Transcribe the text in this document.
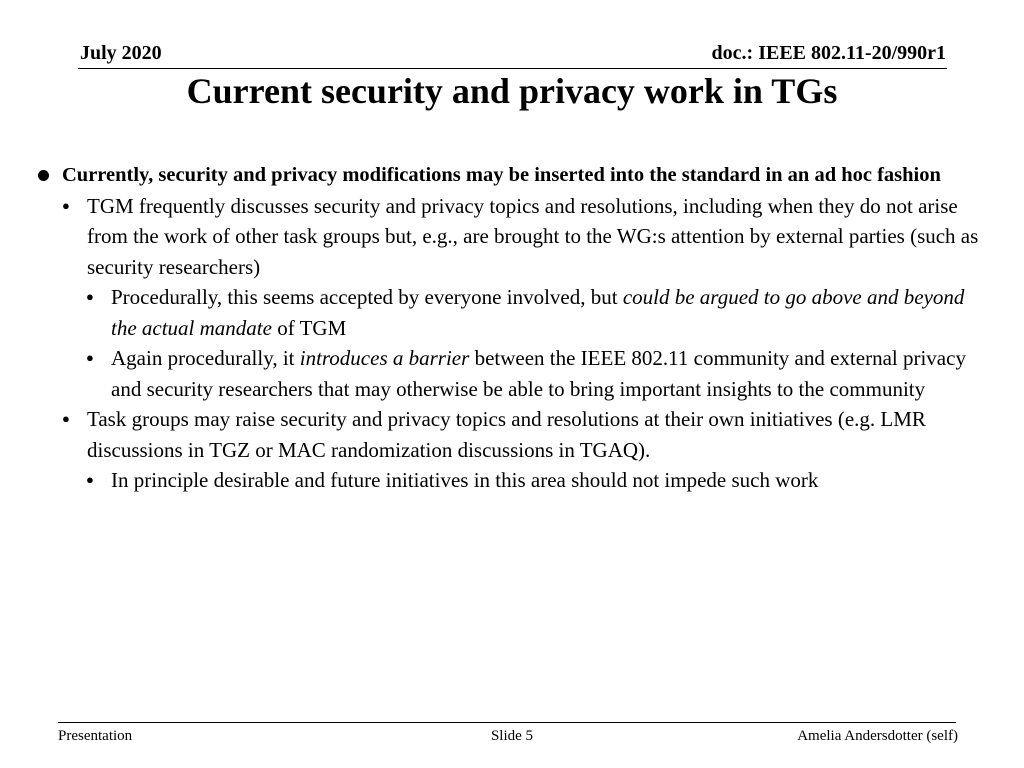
July 2020	doc.: IEEE 802.11-20/990r1
Current security and privacy work in TGs
Currently, security and privacy modifications may be inserted into the standard in an ad hoc fashion
● TGM frequently discusses security and privacy topics and resolutions, including when they do not arise from the work of other task groups but, e.g., are brought to the WG:s attention by external parties (such as security researchers)
● Procedurally, this seems accepted by everyone involved, but could be argued to go above and beyond the actual mandate of TGM
● Again procedurally, it introduces a barrier between the IEEE 802.11 community and external privacy and security researchers that may otherwise be able to bring important insights to the community
● Task groups may raise security and privacy topics and resolutions at their own initiatives (e.g. LMR discussions in TGZ or MAC randomization discussions in TGAQ).
● In principle desirable and future initiatives in this area should not impede such work
Presentation	Slide 5	Amelia Andersdotter (self)
